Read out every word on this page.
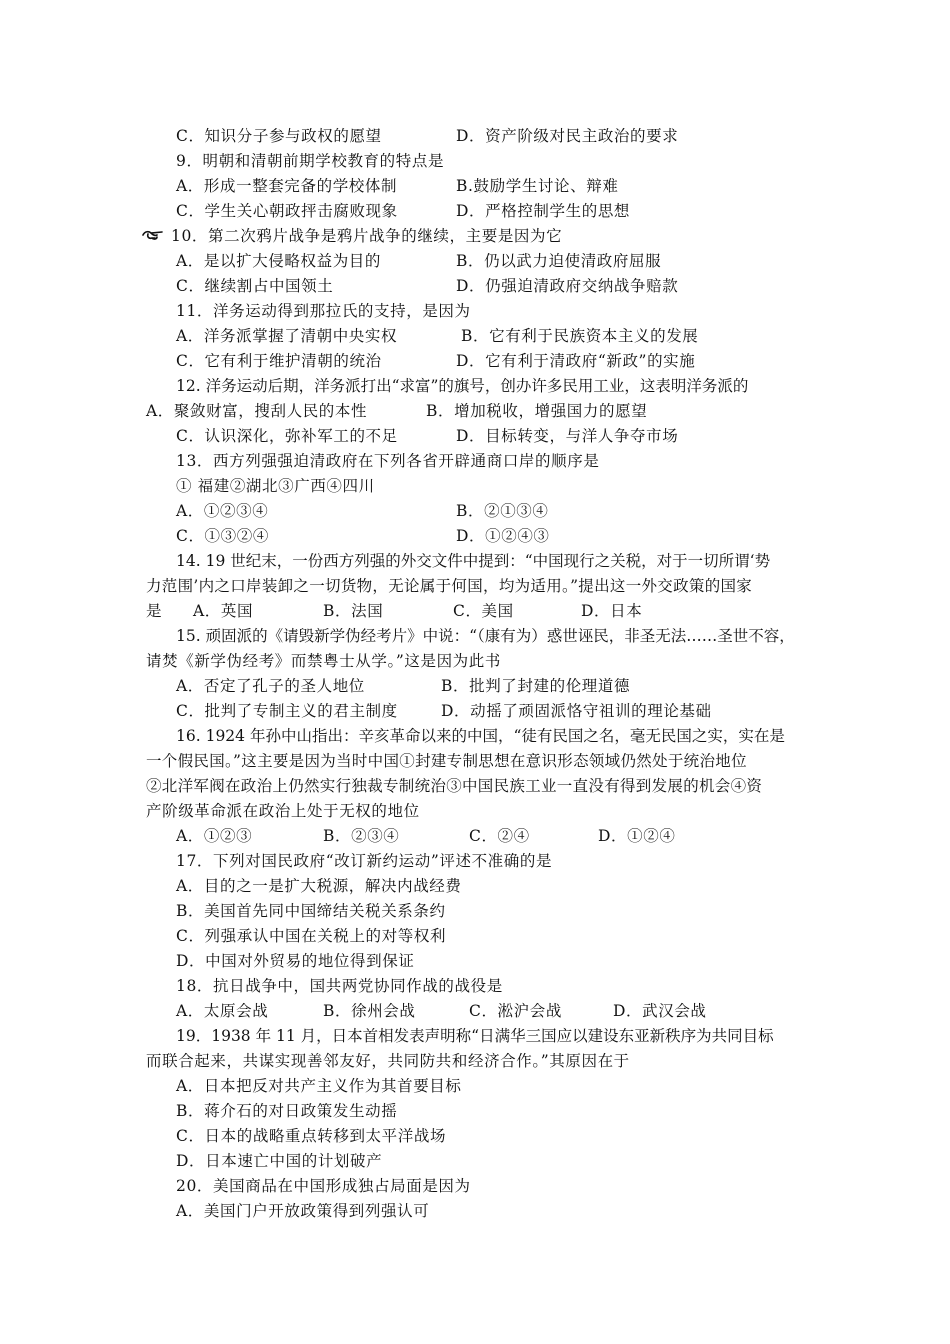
C．知识分子参与政权的愿望	D．资产阶级对民主政治的要求
9．明朝和清朝前期学校教育的特点是
A．形成一整套完备的学校体制	B.鼓励学生讨论、辩难
C．学生关心朝政抨击腐败现象	D．严格控制学生的思想
10．第二次鸦片战争是鸦片战争的继续，主要是因为它
A．是以扩大侵略权益为目的	B．仍以武力迫使清政府屈服
C．继续割占中国领土	D．仍强迫清政府交纳战争赔款
11．洋务运动得到那拉氏的支持，是因为
A．洋务派掌握了清朝中央实权	B．它有利于民族资本主义的发展
C．它有利于维护清朝的统治	D．它有利于清政府“新政”的实施
12. 洋务运动后期，洋务派打出“求富”的旗号，创办许多民用工业，这表明洋务派的
A．聚敛财富，搜刮人民的本性	B．增加税收，增强国力的愿望
C．认识深化，弥补军工的不足	D．目标转变，与洋人争夺市场
13．西方列强强迫清政府在下列各省开辟通商口岸的顺序是
① 福建②湖北③广西④四川
A．①②③④	B．②①③④
C．①③②④	D．①②④③
14. 19 世纪末，一份西方列强的外交文件中提到：“中国现行之关税，对于一切所谓‘势
力范围’内之口岸装卸之一切货物，无论属于何国，均为适用。”提出这一外交政策的国家
是 A．英国	B．法国	C．美国	D．日本
15. 顽固派的《请毁新学伪经考片》中说：“（康有为）惑世诬民，非圣无法……圣世不容，
请焚《新学伪经考》而禁粤士从学。”这是因为此书
A．否定了孔子的圣人地位	B．批判了封建的伦理道德
C．批判了专制主义的君主制度	D．动摇了顽固派恪守祖训的理论基础
16. 1924 年孙中山指出：辛亥革命以来的中国，“徒有民国之名，毫无民国之实，实在是
一个假民国。”这主要是因为当时中国①封建专制思想在意识形态领域仍然处于统治地位
②北洋军阀在政治上仍然实行独裁专制统治③中国民族工业一直没有得到发展的机会④资
产阶级革命派在政治上处于无权的地位
A．①②③	B．②③④	C．②④	D．①②④
17．下列对国民政府“改订新约运动”评述不准确的是
A．目的之一是扩大税源，解决内战经费
B．美国首先同中国缔结关税关系条约
C．列强承认中国在关税上的对等权利
D．中国对外贸易的地位得到保证
18．抗日战争中，国共两党协同作战的战役是
A．太原会战	B．徐州会战	C．淞沪会战	D．武汉会战
19．1938 年 11 月，日本首相发表声明称“日满华三国应以建设东亚新秩序为共同目标
而联合起来，共谋实现善邻友好，共同防共和经济合作。”其原因在于
A．日本把反对共产主义作为其首要目标
B．蒋介石的对日政策发生动摇
C．日本的战略重点转移到太平洋战场
D．日本速亡中国的计划破产
20．美国商品在中国形成独占局面是因为
A．美国门户开放政策得到列强认可
